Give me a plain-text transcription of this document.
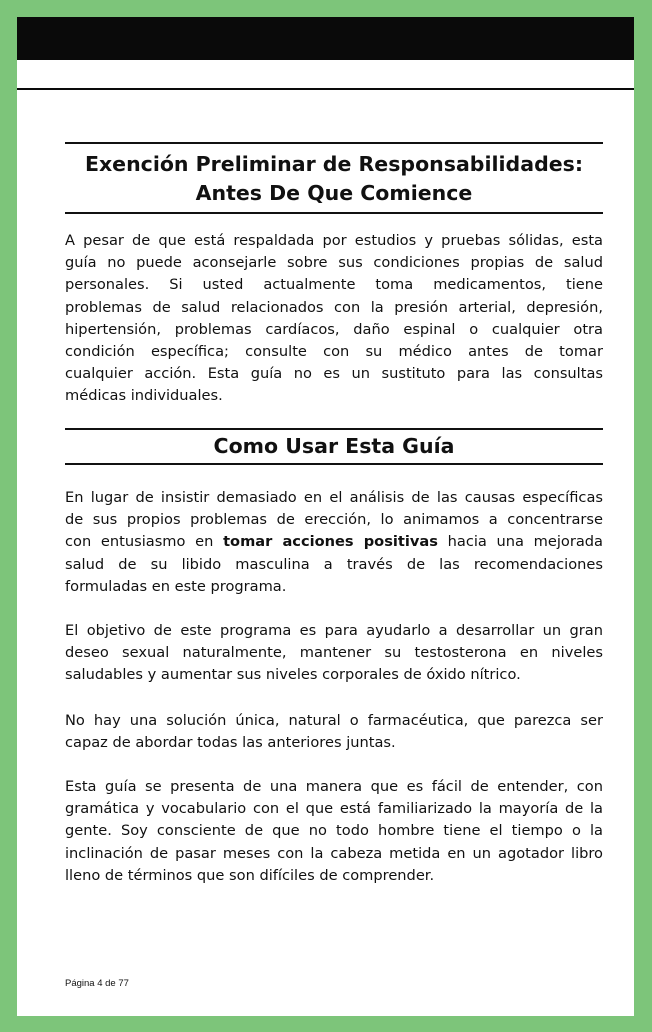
Exención Preliminar de Responsabilidades:
Antes De Que Comience
A pesar de que está respaldada por estudios y pruebas sólidas, esta
guía no puede aconsejarle sobre sus condiciones propias de salud
personales. Si usted actualmente toma medicamentos, tiene
problemas de salud relacionados con la presión arterial, depresión,
hipertensión, problemas cardíacos, daño espinal o cualquier otra
condición específica; consulte con su médico antes de tomar
cualquier acción. Esta guía no es un sustituto para las consultas
médicas individuales.
Como Usar Esta Guía
En lugar de insistir demasiado en el análisis de las causas específicas
de sus propios problemas de erección, lo animamos a concentrarse
con entusiasmo en tomar acciones positivas hacia una mejorada
salud de su libido masculina a través de las recomendaciones
formuladas en este programa.
El objetivo de este programa es para ayudarlo a desarrollar un gran
deseo sexual naturalmente, mantener su testosterona en niveles
saludables y aumentar sus niveles corporales de óxido nítrico.
No hay una solución única, natural o farmacéutica, que parezca ser
capaz de abordar todas las anteriores juntas.
Esta guía se presenta de una manera que es fácil de entender, con
gramática y vocabulario con el que está familiarizado la mayoría de la
gente. Soy consciente de que no todo hombre tiene el tiempo o la
inclinación de pasar meses con la cabeza metida en un agotador libro
lleno de términos que son difíciles de comprender.
Página 4 de 77
